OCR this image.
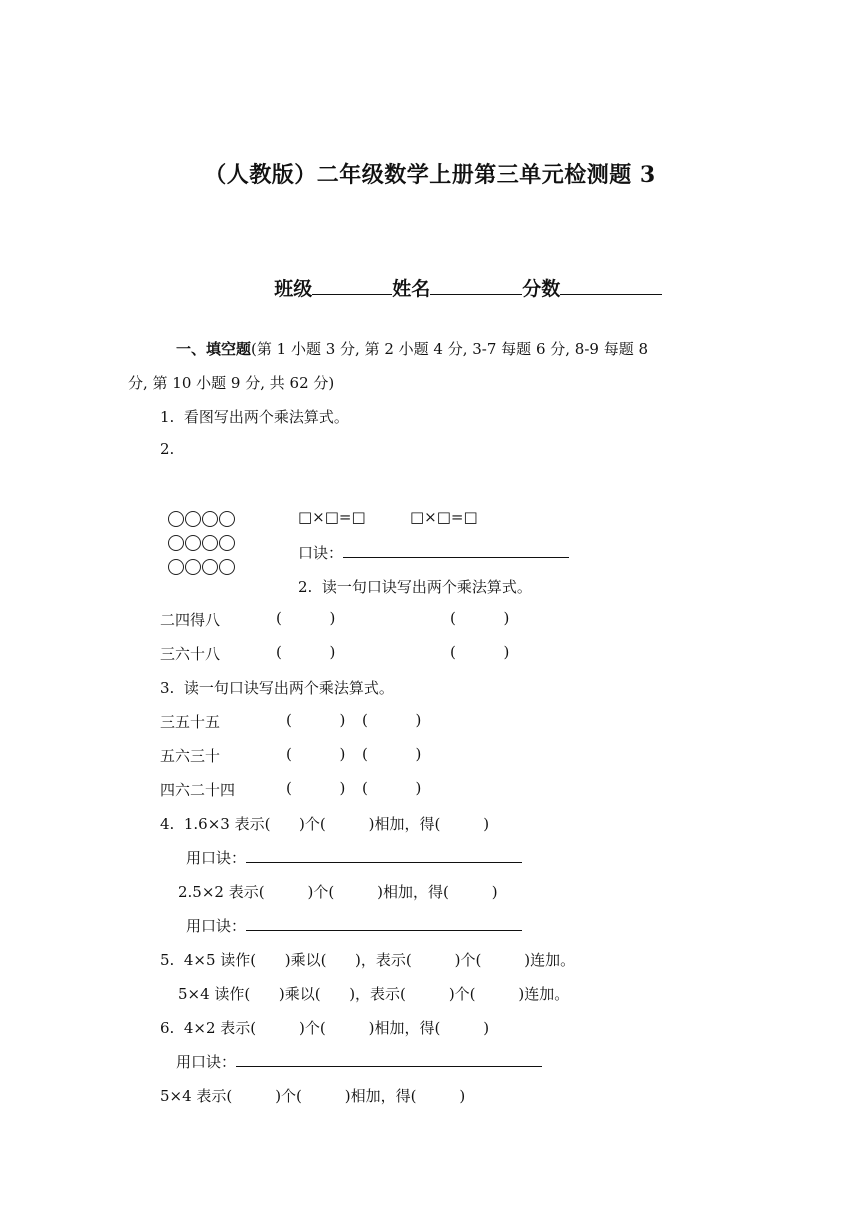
（人教版）二年级数学上册第三单元检测题 3

班级	姓名	分数

一、填空题(第 1 小题 3 分, 第 2 小题 4 分, 3-7 每题 6 分, 8-9 每题 8
分, 第 10 小题 9 分, 共 62 分)
1.  看图写出两个乘法算式。
2.

□×□=□	□×□=□
口诀：
2.  读一句口诀写出两个乘法算式。
二四得八	(          )	(          )
三六十八	(          )	(          )
3.  读一句口诀写出两个乘法算式。
三五十五	(          ) (          )
五六三十	(          ) (          )
四六二十四	(          ) (          )
4.  1.6×3 表示(      )个(         )相加，得(         )
用口诀：
2.5×2 表示(         )个(         )相加，得(         )
用口诀：
5.  4×5 读作(      )乘以(      )，表示(         )个(         )连加。
5×4 读作(      )乘以(      )，表示(         )个(         )连加。
6.  4×2 表示(         )个(         )相加，得(         )
用口诀：
5×4 表示(         )个(         )相加，得(         )
